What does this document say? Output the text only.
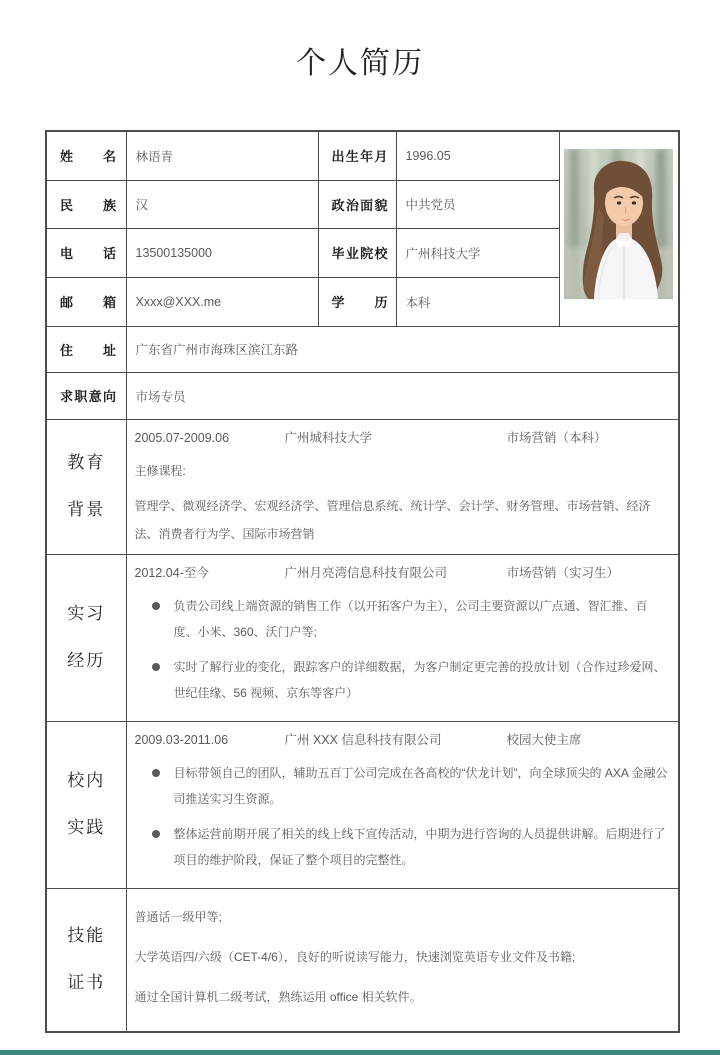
个人简历
姓名	林语青	出生年月	1996.05	
民族	汉	政治面貌	中共党员	
电话	13500135000	毕业院校	广州科技大学	
邮箱	Xxxx@XXX.me	学历	本科	
住址	广东省广州市海珠区滨江东路			
求职意向	市场专员			

教育
背景

2005.07-2009.06	广州城科技大学	市场营销（本科）
主修课程:
管理学、微观经济学、宏观经济学、管理信息系统、统计学、会计学、财务管理、市场营销、经济法、消费者行为学、国际市场营销

实习
经历

2012.04-至今	广州月亮湾信息科技有限公司	市场营销（实习生）
负责公司线上端资源的销售工作（以开拓客户为主），公司主要资源以广点通、智汇推、百度、小米、360、沃门户等;
实时了解行业的变化，跟踪客户的详细数据，为客户制定更完善的投放计划（合作过珍爱网、世纪佳缘、56 视频、京东等客户）

校内
实践

2009.03-2011.06	广州 XXX 信息科技有限公司	校园大使主席
目标带领自己的团队，辅助五百丁公司完成在各高校的“伏龙计划”，向全球顶尖的 AXA 金融公司推送实习生资源。
整体运营前期开展了相关的线上线下宣传活动，中期为进行咨询的人员提供讲解。后期进行了项目的维护阶段，保证了整个项目的完整性。

技能
证书

普通话一级甲等;
大学英语四/六级（CET-4/6），良好的听说读写能力，快速浏览英语专业文件及书籍;
通过全国计算机二级考试，熟练运用 office 相关软件。
